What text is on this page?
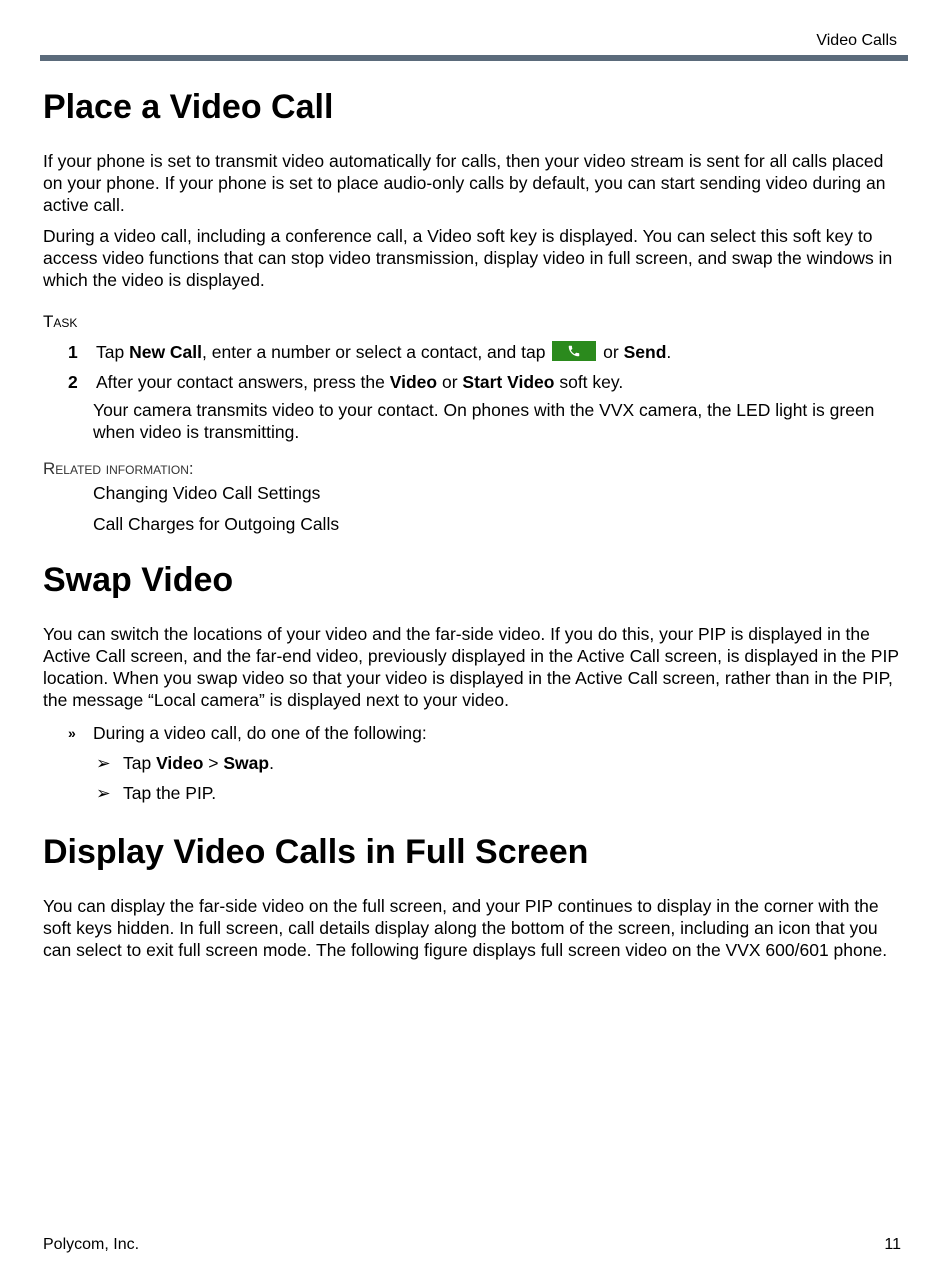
Video Calls
Place a Video Call

If your phone is set to transmit video automatically for calls, then your video stream is sent for all calls placed on your phone. If your phone is set to place audio-only calls by default, you can start sending video during an active call.

During a video call, including a conference call, a Video soft key is displayed. You can select this soft key to access video functions that can stop video transmission, display video in full screen, and swap the windows in which the video is displayed.

Task
1 Tap New Call, enter a number or select a contact, and tap	or Send.
2 After your contact answers, press the Video or Start Video soft key.
Your camera transmits video to your contact. On phones with the VVX camera, the LED light is green when video is transmitting.
Related information:
Changing Video Call Settings
Call Charges for Outgoing Calls
Swap Video

You can switch the locations of your video and the far-side video. If you do this, your PIP is displayed in the Active Call screen, and the far-end video, previously displayed in the Active Call screen, is displayed in the PIP location. When you swap video so that your video is displayed in the Active Call screen, rather than in the PIP, the message “Local camera” is displayed next to your video.

» During a video call, do one of the following:
➢ Tap Video > Swap.
➢ Tap the PIP.
Display Video Calls in Full Screen

You can display the far-side video on the full screen, and your PIP continues to display in the corner with the soft keys hidden. In full screen, call details display along the bottom of the screen, including an icon that you can select to exit full screen mode. The following figure displays full screen video on the VVX 600/601 phone.

Polycom, Inc.	11
